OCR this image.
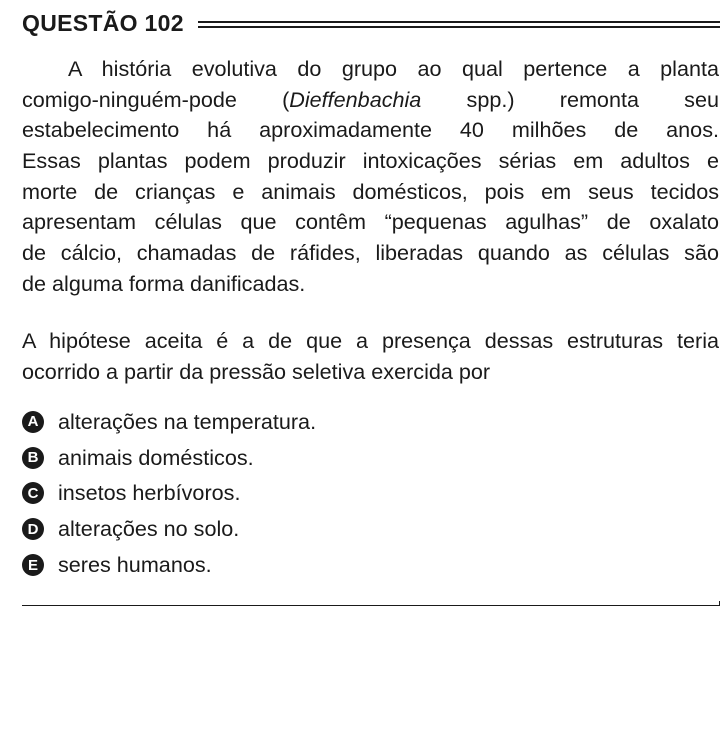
QUESTÃO 102
A história evolutiva do grupo ao qual pertence a planta
comigo-ninguém-pode (Dieffenbachia spp.) remonta seu
estabelecimento há aproximadamente 40 milhões de anos.
Essas plantas podem produzir intoxicações sérias em adultos e
morte de crianças e animais domésticos, pois em seus tecidos
apresentam células que contêm “pequenas agulhas” de oxalato
de cálcio, chamadas de ráfides, liberadas quando as células são
de alguma forma danificadas.
A hipótese aceita é a de que a presença dessas estruturas teria
ocorrido a partir da pressão seletiva exercida por
A alterações na temperatura.
B animais domésticos.
C insetos herbívoros.
D alterações no solo.
E seres humanos.
